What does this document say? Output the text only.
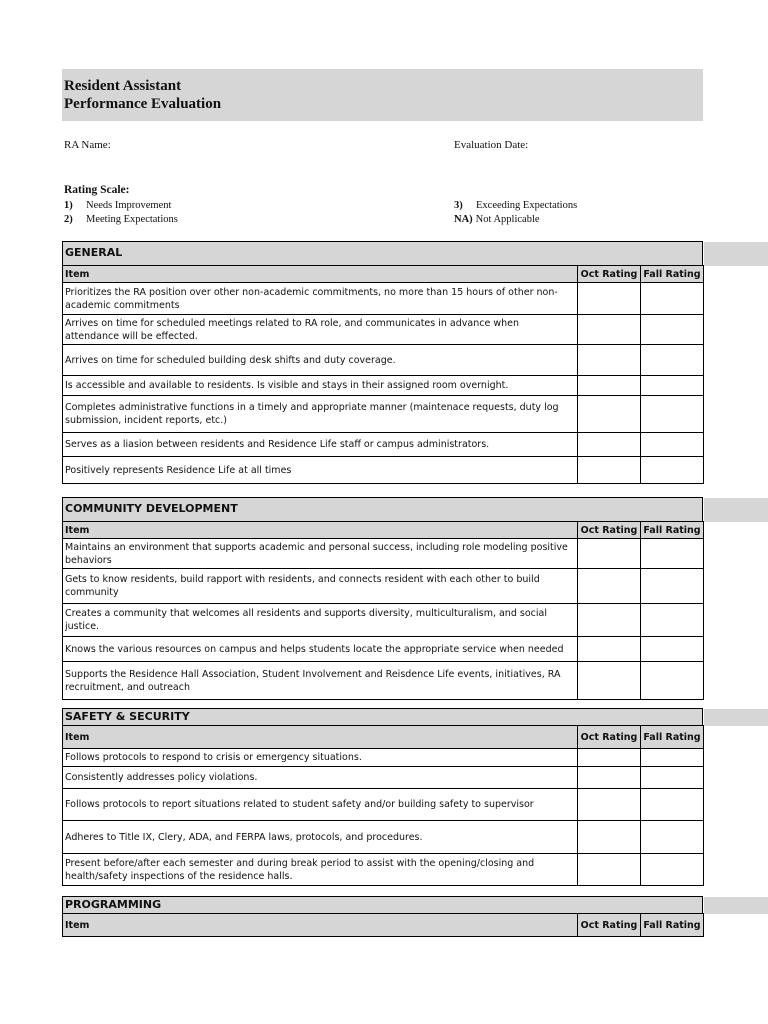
Resident Assistant
Performance Evaluation
RA Name:	Evaluation Date:
Rating Scale:
1) Needs Improvement
2) Meeting Expectations
3) Exceeding Expectations
NA) Not Applicable
GENERAL
Item	Oct Rating	Fall Rating
Prioritizes the RA position over other non-academic commitments, no more than 15 hours of other non-academic commitments		
Arrives on time for scheduled meetings related to RA role, and communicates in advance when attendance will be effected.		
Arrives on time for scheduled building desk shifts and duty coverage.		
Is accessible and available to residents. Is visible and stays in their assigned room overnight.		
Completes administrative functions in a timely and appropriate manner (maintenace requests, duty log submission, incident reports, etc.)		
Serves as a liasion between residents and Residence Life staff or campus administrators.		
Positively represents Residence Life at all times		
COMMUNITY DEVELOPMENT
Item	Oct Rating	Fall Rating
Maintains an environment that supports academic and personal success, including role modeling positive behaviors		
Gets to know residents, build rapport with residents, and connects resident with each other to build community		
Creates a community that welcomes all residents and supports diversity, multiculturalism, and social justice.		
Knows the various resources on campus and helps students locate the appropriate service when needed		
Supports the Residence Hall Association, Student Involvement and Reisdence Life events, initiatives, RA recruitment, and outreach		
SAFETY & SECURITY
Item	Oct Rating	Fall Rating
Follows protocols to respond to crisis or emergency situations.		
Consistently addresses policy violations.		
Follows protocols to report situations related to student safety and/or building safety to supervisor		
Adheres to Title IX, Clery, ADA, and FERPA laws, protocols, and procedures.		
Present before/after each semester and during break period to assist with the opening/closing and health/safety inspections of the residence halls.		
PROGRAMMING
Item	Oct Rating	Fall Rating
